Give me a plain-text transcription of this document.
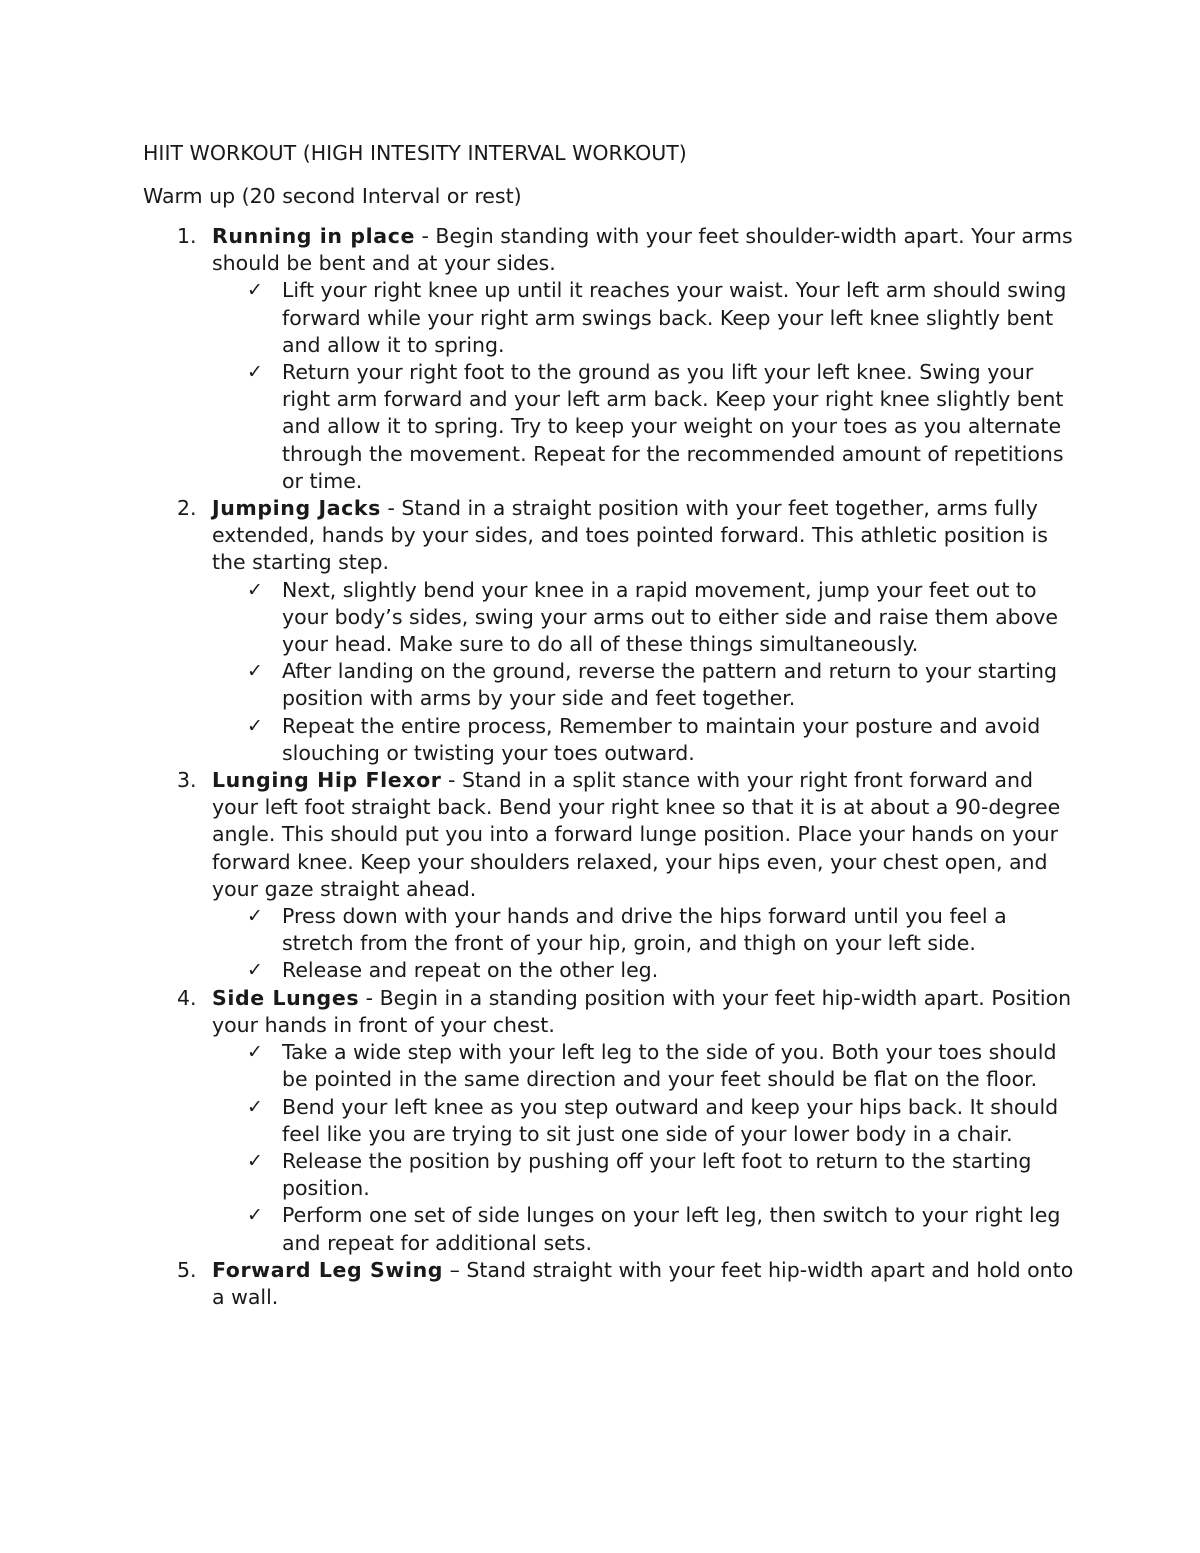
HIIT WORKOUT (HIGH INTESITY INTERVAL WORKOUT)
Warm up (20 second Interval or rest)
1. Running in place - Begin standing with your feet shoulder-width apart. Your arms should be bent and at your sides.
✓ Lift your right knee up until it reaches your waist. Your left arm should swing forward while your right arm swings back. Keep your left knee slightly bent and allow it to spring.
✓ Return your right foot to the ground as you lift your left knee. Swing your right arm forward and your left arm back. Keep your right knee slightly bent and allow it to spring. Try to keep your weight on your toes as you alternate through the movement. Repeat for the recommended amount of repetitions or time.
2. Jumping Jacks - Stand in a straight position with your feet together, arms fully extended, hands by your sides, and toes pointed forward. This athletic position is the starting step.
✓ Next, slightly bend your knee in a rapid movement, jump your feet out to your body’s sides, swing your arms out to either side and raise them above your head. Make sure to do all of these things simultaneously.
✓ After landing on the ground, reverse the pattern and return to your starting position with arms by your side and feet together.
✓ Repeat the entire process, Remember to maintain your posture and avoid slouching or twisting your toes outward.
3. Lunging Hip Flexor - Stand in a split stance with your right front forward and your left foot straight back. Bend your right knee so that it is at about a 90-degree angle. This should put you into a forward lunge position. Place your hands on your forward knee. Keep your shoulders relaxed, your hips even, your chest open, and your gaze straight ahead.
✓ Press down with your hands and drive the hips forward until you feel a stretch from the front of your hip, groin, and thigh on your left side.
✓ Release and repeat on the other leg.
4. Side Lunges - Begin in a standing position with your feet hip-width apart. Position your hands in front of your chest.
✓ Take a wide step with your left leg to the side of you. Both your toes should be pointed in the same direction and your feet should be flat on the floor.
✓ Bend your left knee as you step outward and keep your hips back. It should feel like you are trying to sit just one side of your lower body in a chair.
✓ Release the position by pushing off your left foot to return to the starting position.
✓ Perform one set of side lunges on your left leg, then switch to your right leg and repeat for additional sets.
5. Forward Leg Swing – Stand straight with your feet hip-width apart and hold onto a wall.
